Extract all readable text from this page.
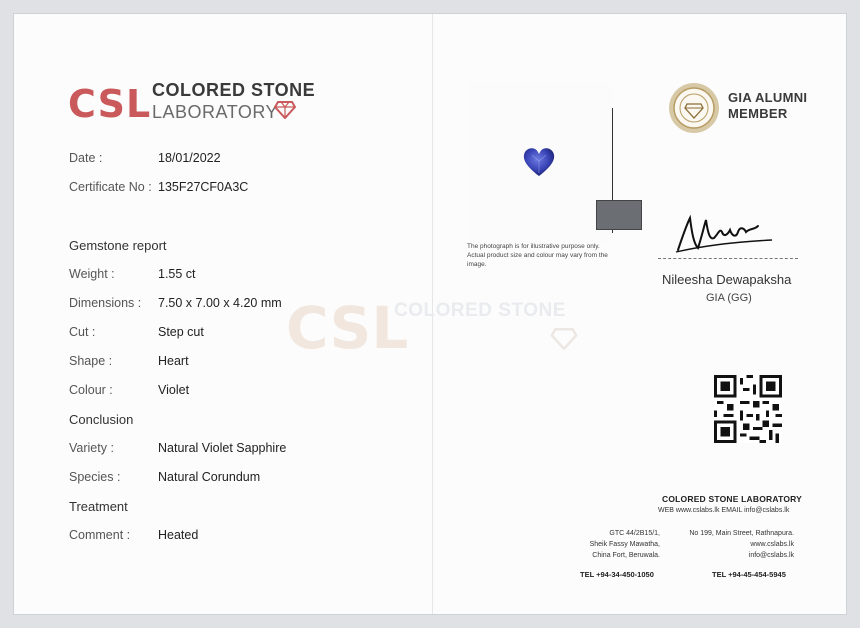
CSL COLORED STONE
LABORATORY
CSL
COLORED STONE
Date :	18/01/2022
Certificate No : 135F27CF0A3C
Gemstone report
Weight :	1.55 ct
Dimensions : 7.50 x 7.00 x 4.20 mm
Cut :	Step cut
Shape :	Heart
Colour :	Violet
Conclusion
Variety :	Natural Violet Sapphire
Species :	Natural Corundum
Treatment
Comment : Heated
The photograph is for illustrative purpose only. Actual product size and colour may vary from the image.
GIA ALUMNI
MEMBER
Nileesha Dewapaksha
GIA (GG)
COLORED STONE LABORATORY
WEB www.cslabs.lk EMAIL info@cslabs.lk
GTC 44/2B15/1,
Sheik Fassy Mawatha,
China Fort, Beruwala.
No 199, Main Street, Rathnapura.
www.cslabs.lk
info@cslabs.lk
TEL +94-34-450-1050	TEL +94-45-454-5945
